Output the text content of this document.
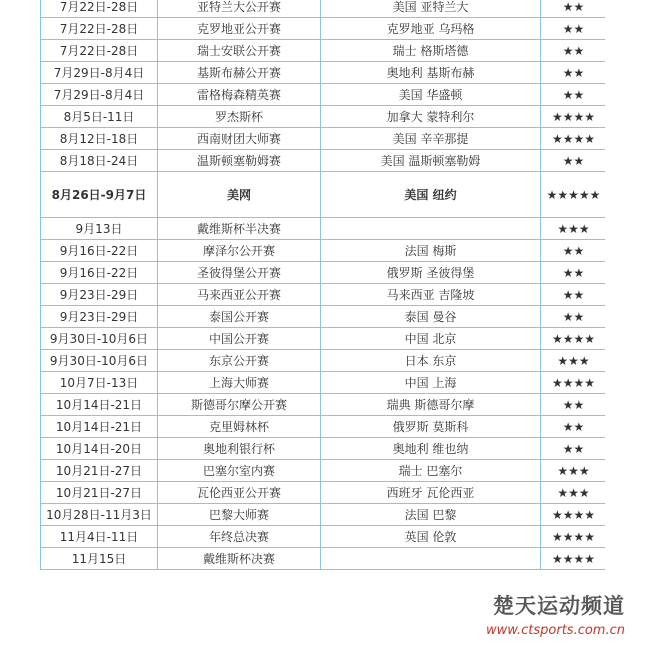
7月22日-28日	亚特兰大公开赛	美国 亚特兰大	★★
7月22日-28日	克罗地亚公开赛	克罗地亚 乌玛格	★★
7月22日-28日	瑞士安联公开赛	瑞士 格斯塔德	★★
7月29日-8月4日	基斯布赫公开赛	奥地利 基斯布赫	★★
7月29日-8月4日	雷格梅森精英赛	美国 华盛顿	★★
8月5日-11日	罗杰斯杯	加拿大 蒙特利尔	★★★★
8月12日-18日	西南财团大师赛	美国 辛辛那提	★★★★
8月18日-24日	温斯顿塞勒姆赛	美国 温斯顿塞勒姆	★★
8月26日-9月7日	美网	美国 纽约	★★★★★
9月13日	戴维斯杯半决赛		★★★
9月16日-22日	摩泽尔公开赛	法国 梅斯	★★
9月16日-22日	圣彼得堡公开赛	俄罗斯 圣彼得堡	★★
9月23日-29日	马来西亚公开赛	马来西亚 吉隆坡	★★
9月23日-29日	泰国公开赛	泰国 曼谷	★★
9月30日-10月6日	中国公开赛	中国 北京	★★★★
9月30日-10月6日	东京公开赛	日本 东京	★★★
10月7日-13日	上海大师赛	中国 上海	★★★★
10月14日-21日	斯德哥尔摩公开赛	瑞典 斯德哥尔摩	★★
10月14日-21日	克里姆林杯	俄罗斯 莫斯科	★★
10月14日-20日	奥地利银行杯	奥地利 维也纳	★★
10月21日-27日	巴塞尔室内赛	瑞士 巴塞尔	★★★
10月21日-27日	瓦伦西亚公开赛	西班牙 瓦伦西亚	★★★
10月28日-11月3日	巴黎大师赛	法国 巴黎	★★★★
11月4日-11日	年终总决赛	英国 伦敦	★★★★
11月15日	戴维斯杯决赛		★★★★
楚天运动频道
www.ctsports.com.cn
